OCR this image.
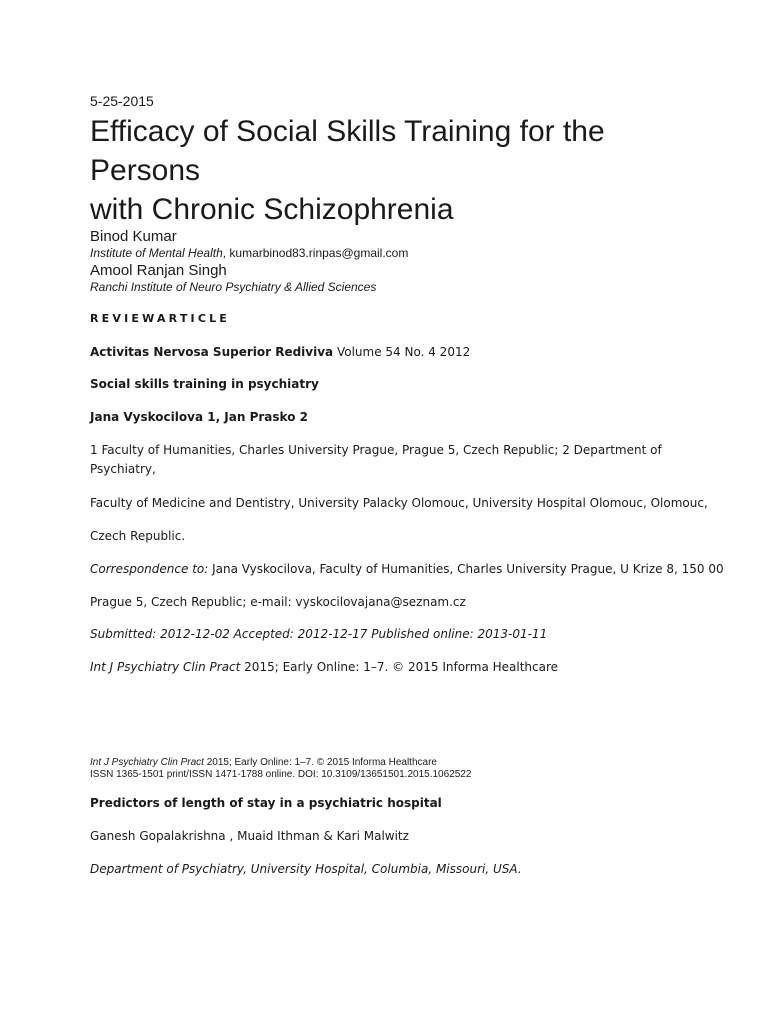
5-25-2015
Efficacy of Social Skills Training for the
Persons
with Chronic Schizophrenia
Binod Kumar
Institute of Mental Health, kumarbinod83.rinpas@gmail.com
Amool Ranjan Singh
Ranchi Institute of Neuro Psychiatry & Allied Sciences
REVIEWARTICLE
Activitas Nervosa Superior Rediviva Volume 54 No. 4 2012
Social skills training in psychiatry
Jana Vyskocilova 1, Jan Prasko 2
1 Faculty of Humanities, Charles University Prague, Prague 5, Czech Republic; 2 Department of Psychiatry,
Faculty of Medicine and Dentistry, University Palacky Olomouc, University Hospital Olomouc, Olomouc,
Czech Republic.
Correspondence to: Jana Vyskocilova, Faculty of Humanities, Charles University Prague, U Krize 8, 150 00
Prague 5, Czech Republic; e-mail: vyskocilovajana@seznam.cz
Submitted: 2012-12-02 Accepted: 2012-12-17 Published online: 2013-01-11
Int J Psychiatry Clin Pract 2015; Early Online: 1–7. © 2015 Informa Healthcare
Int J Psychiatry Clin Pract 2015; Early Online: 1–7. © 2015 Informa Healthcare
ISSN 1365-1501 print/ISSN 1471-1788 online. DOI: 10.3109/13651501.2015.1062522
Predictors of length of stay in a psychiatric hospital
Ganesh Gopalakrishna , Muaid Ithman & Kari Malwitz
Department of Psychiatry, University Hospital, Columbia, Missouri, USA.
